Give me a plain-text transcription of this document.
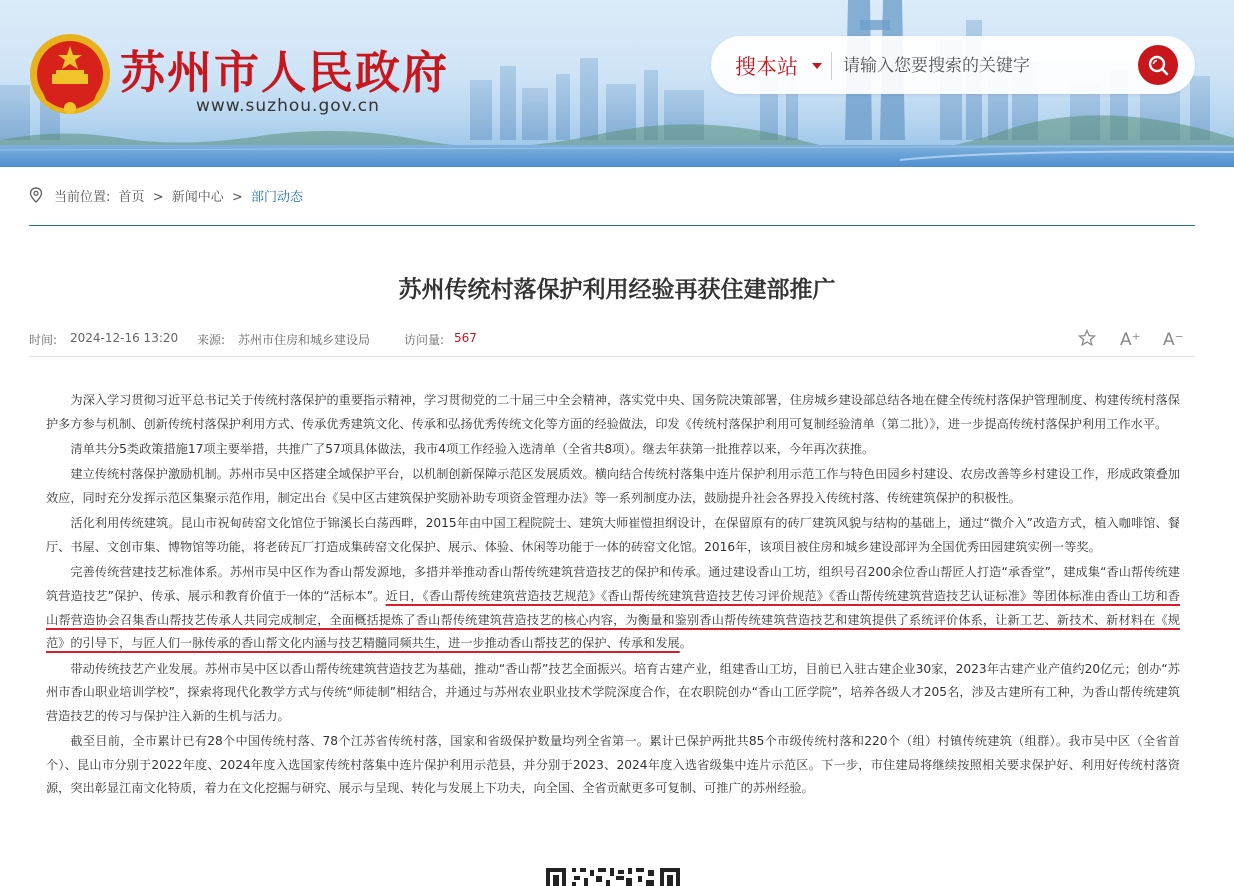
苏州市人民政府
www.suzhou.gov.cn
搜本站
请输入您要搜索的关键字
当前位置: 首页 > 新闻中心 > 部门动态
苏州传统村落保护利用经验再获住建部推广
时间: 2024-12-16 13:20 来源: 苏州市住房和城乡建设局	访问量: 567	A⁺ A⁻

为深入学习贯彻习近平总书记关于传统村落保护的重要指示精神，学习贯彻党的二十届三中全会精神，落实党中央、国务院决策部署，住房城乡建设部总结各地在健全传统村落保护管理制度、构建传统村落保护多方参与机制、创新传统村落保护利用方式、传承优秀建筑文化、传承和弘扬优秀传统文化等方面的经验做法，印发《传统村落保护利用可复制经验清单（第二批）》，进一步提高传统村落保护利用工作水平。

清单共分5类政策措施17项主要举措，共推广了57项具体做法，我市4项工作经验入选清单（全省共8项）。继去年获第一批推荐以来，今年再次获推。

建立传统村落保护激励机制。苏州市吴中区搭建全域保护平台，以机制创新保障示范区发展质效。横向结合传统村落集中连片保护利用示范工作与特色田园乡村建设、农房改善等乡村建设工作，形成政策叠加效应，同时充分发挥示范区集聚示范作用，制定出台《吴中区古建筑保护奖励补助专项资金管理办法》等一系列制度办法，鼓励提升社会各界投入传统村落、传统建筑保护的积极性。

活化利用传统建筑。昆山市祝甸砖窑文化馆位于锦溪长白荡西畔，2015年由中国工程院院士、建筑大师崔愷担纲设计，在保留原有的砖厂建筑风貌与结构的基础上，通过“微介入”改造方式，植入咖啡馆、餐厅、书屋、文创市集、博物馆等功能，将老砖瓦厂打造成集砖窑文化保护、展示、体验、休闲等功能于一体的砖窑文化馆。2016年，该项目被住房和城乡建设部评为全国优秀田园建筑实例一等奖。

完善传统营建技艺标准体系。苏州市吴中区作为香山帮发源地，多措并举推动香山帮传统建筑营造技艺的保护和传承。通过建设香山工坊，组织号召200余位香山帮匠人打造“承香堂”，建成集“香山帮传统建筑营造技艺”保护、传承、展示和教育价值于一体的“活标本”。近日，《香山帮传统建筑营造技艺规范》《香山帮传统建筑营造技艺传习评价规范》《香山帮传统建筑营造技艺认证标准》等团体标准由香山工坊和香山帮营造协会召集香山帮技艺传承人共同完成制定，全面概括提炼了香山帮传统建筑营造技艺的核心内容，为衡量和鉴别香山帮传统建筑营造技艺和建筑提供了系统评价体系，让新工艺、新技术、新材料在《规范》的引导下，与匠人们一脉传承的香山帮文化内涵与技艺精髓同频共生，进一步推动香山帮技艺的保护、传承和发展。

带动传统技艺产业发展。苏州市吴中区以香山帮传统建筑营造技艺为基础，推动“香山帮”技艺全面振兴。培育古建产业，组建香山工坊，目前已入驻古建企业30家，2023年古建产业产值约20亿元；创办“苏州市香山职业培训学校”，探索将现代化教学方式与传统“师徒制”相结合，并通过与苏州农业职业技术学院深度合作，在农职院创办“香山工匠学院”，培养各级人才205名，涉及古建所有工种，为香山帮传统建筑营造技艺的传习与保护注入新的生机与活力。

截至目前，全市累计已有28个中国传统村落、78个江苏省传统村落，国家和省级保护数量均列全省第一。累计已保护两批共85个市级传统村落和220个（组）村镇传统建筑（组群）。我市吴中区（全省首个）、昆山市分别于2022年度、2024年度入选国家传统村落集中连片保护利用示范县，并分别于2023、2024年度入选省级集中连片示范区。下一步，市住建局将继续按照相关要求保护好、利用好传统村落资源，突出彰显江南文化特质，着力在文化挖掘与研究、展示与呈现、转化与发展上下功夫，向全国、全省贡献更多可复制、可推广的苏州经验。
